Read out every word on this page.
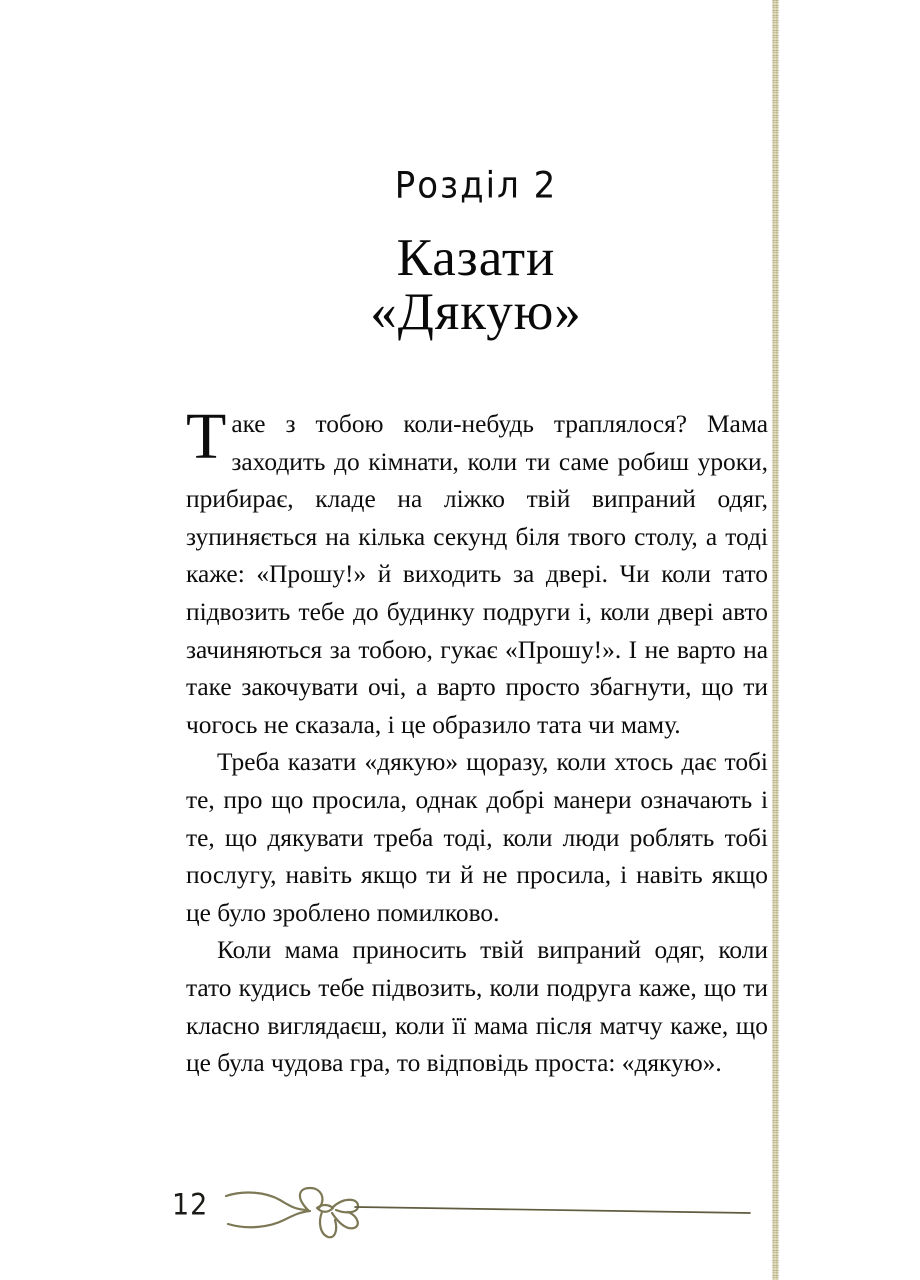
Розділ 2
Казати
«Дякую»

Таке з тобою коли-небудь траплялося? Мама заходить до кімнати, коли ти саме робиш уроки, прибирає, кладе на ліжко твій випраний одяг, зупиняється на кілька секунд біля твого столу, а тоді каже: «Прошу!» й виходить за двері. Чи коли тато підвозить тебе до будинку подруги і, коли двері авто зачиняються за тобою, гукає «Прошу!». І не варто на таке закочувати очі, а варто просто збагнути, що ти чогось не сказала, і це образило тата чи маму.

Треба казати «дякую» щоразу, коли хтось дає тобі те, про що просила, однак добрі манери означають і те, що дякувати треба тоді, коли люди роблять тобі послугу, навіть якщо ти й не просила, і навіть якщо це було зроблено помилково.

Коли мама приносить твій випраний одяг, коли тато кудись тебе підвозить, коли подруга каже, що ти класно виглядаєш, коли її мама після матчу каже, що це була чудова гра, то відповідь проста: «дякую».

12
